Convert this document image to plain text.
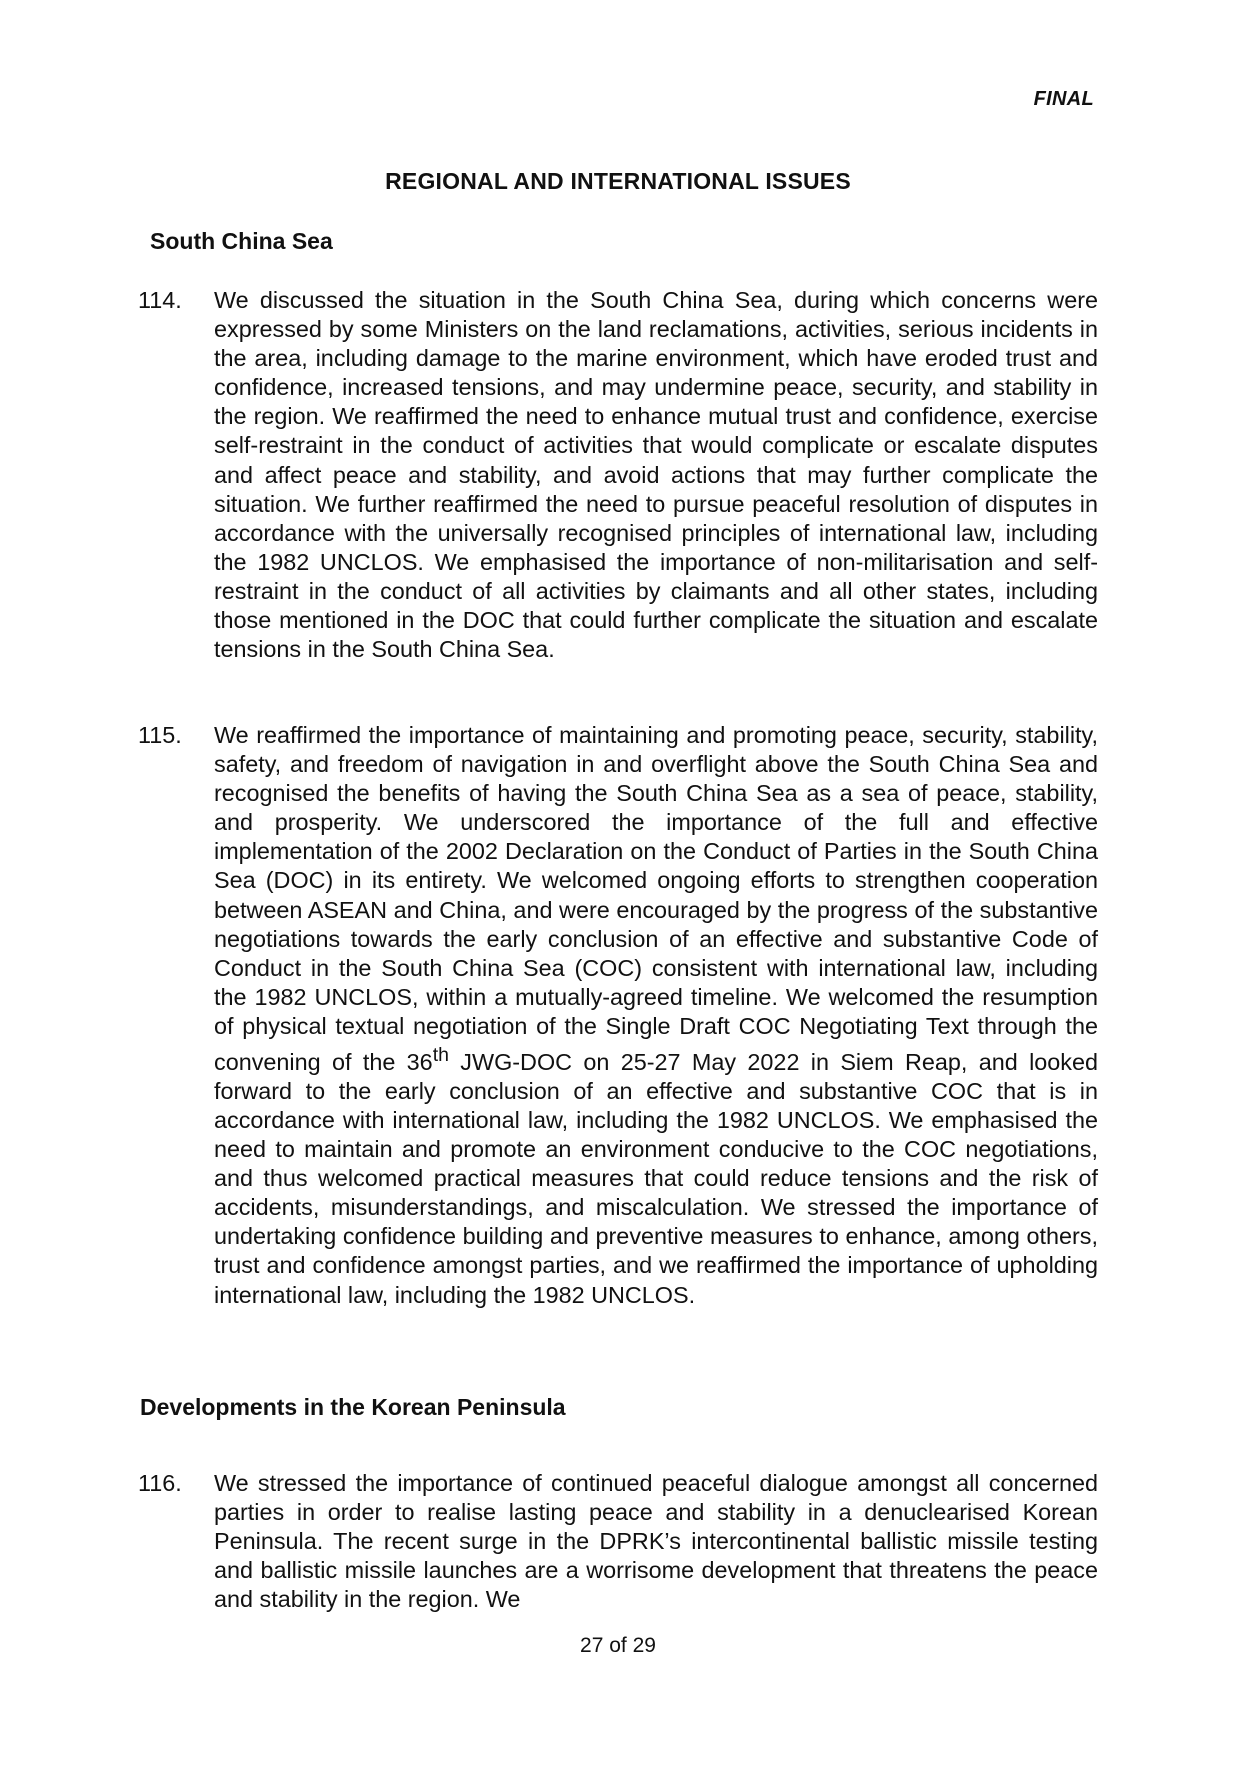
FINAL
REGIONAL AND INTERNATIONAL ISSUES
South China Sea
114.	We discussed the situation in the South China Sea, during which concerns were expressed by some Ministers on the land reclamations, activities, serious incidents in the area, including damage to the marine environment, which have eroded trust and confidence, increased tensions, and may undermine peace, security, and stability in the region. We reaffirmed the need to enhance mutual trust and confidence, exercise self-restraint in the conduct of activities that would complicate or escalate disputes and affect peace and stability, and avoid actions that may further complicate the situation. We further reaffirmed the need to pursue peaceful resolution of disputes in accordance with the universally recognised principles of international law, including the 1982 UNCLOS. We emphasised the importance of non-militarisation and self-restraint in the conduct of all activities by claimants and all other states, including those mentioned in the DOC that could further complicate the situation and escalate tensions in the South China Sea.
115.	We reaffirmed the importance of maintaining and promoting peace, security, stability, safety, and freedom of navigation in and overflight above the South China Sea and recognised the benefits of having the South China Sea as a sea of peace, stability, and prosperity. We underscored the importance of the full and effective implementation of the 2002 Declaration on the Conduct of Parties in the South China Sea (DOC) in its entirety. We welcomed ongoing efforts to strengthen cooperation between ASEAN and China, and were encouraged by the progress of the substantive negotiations towards the early conclusion of an effective and substantive Code of Conduct in the South China Sea (COC) consistent with international law, including the 1982 UNCLOS, within a mutually-agreed timeline. We welcomed the resumption of physical textual negotiation of the Single Draft COC Negotiating Text through the convening of the 36th JWG-DOC on 25-27 May 2022 in Siem Reap, and looked forward to the early conclusion of an effective and substantive COC that is in accordance with international law, including the 1982 UNCLOS. We emphasised the need to maintain and promote an environment conducive to the COC negotiations, and thus welcomed practical measures that could reduce tensions and the risk of accidents, misunderstandings, and miscalculation. We stressed the importance of undertaking confidence building and preventive measures to enhance, among others, trust and confidence amongst parties, and we reaffirmed the importance of upholding international law, including the 1982 UNCLOS.
Developments in the Korean Peninsula
116.	We stressed the importance of continued peaceful dialogue amongst all concerned parties in order to realise lasting peace and stability in a denuclearised Korean Peninsula. The recent surge in the DPRK’s intercontinental ballistic missile testing and ballistic missile launches are a worrisome development that threatens the peace and stability in the region. We
27 of 29
